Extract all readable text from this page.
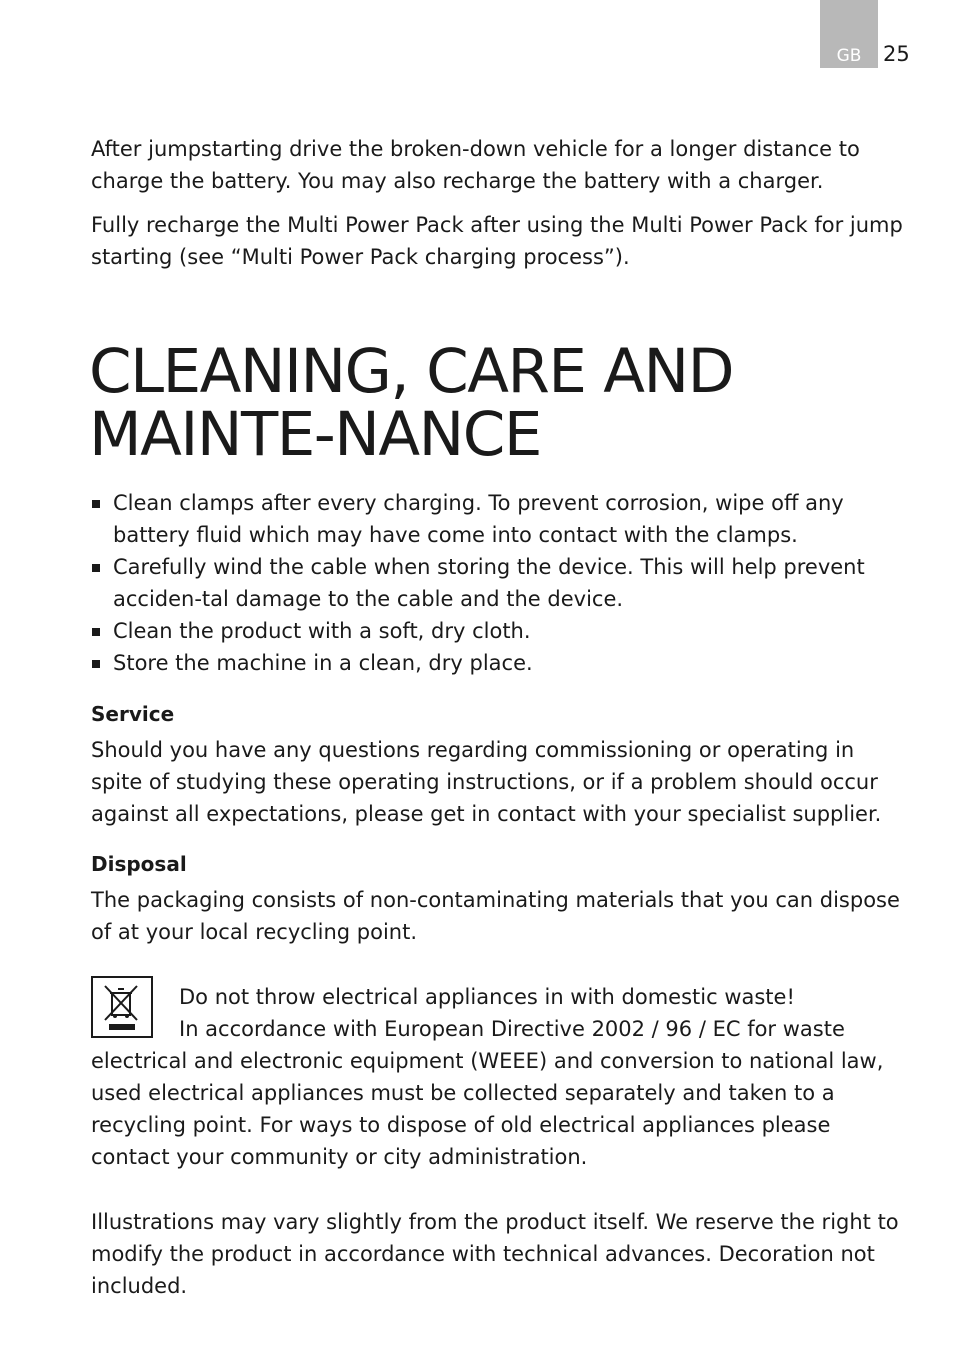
GB	25

After jumpstarting drive the broken-down vehicle for a longer distance to charge the battery. You may also recharge the battery with a charger.

Fully recharge the Multi Power Pack after using the Multi Power Pack for jump starting (see “Multi Power Pack charging process”).

CLEANING, CARE AND MAINTE-NANCE
Clean clamps after every charging. To prevent corrosion, wipe off any battery fluid which may have come into contact with the clamps.
Carefully wind the cable when storing the device. This will help prevent acciden-tal damage to the cable and the device.
Clean the product with a soft, dry cloth.
Store the machine in a clean, dry place.
Service

Should you have any questions regarding commissioning or operating in spite of studying these operating instructions, or if a problem should occur against all expectations, please get in contact with your specialist supplier.

Disposal

The packaging consists of non-contaminating materials that you can dispose of at your local recycling point.

Do not throw electrical appliances in with domestic waste!

In accordance with European Directive 2002 / 96 / EC for waste electrical and electronic equipment (WEEE) and conversion to national law, used electrical appliances must be collected separately and taken to a recycling point. For ways to dispose of old electrical appliances please contact your community or city administration.

Illustrations may vary slightly from the product itself. We reserve the right to modify the product in accordance with technical advances. Decoration not included.
